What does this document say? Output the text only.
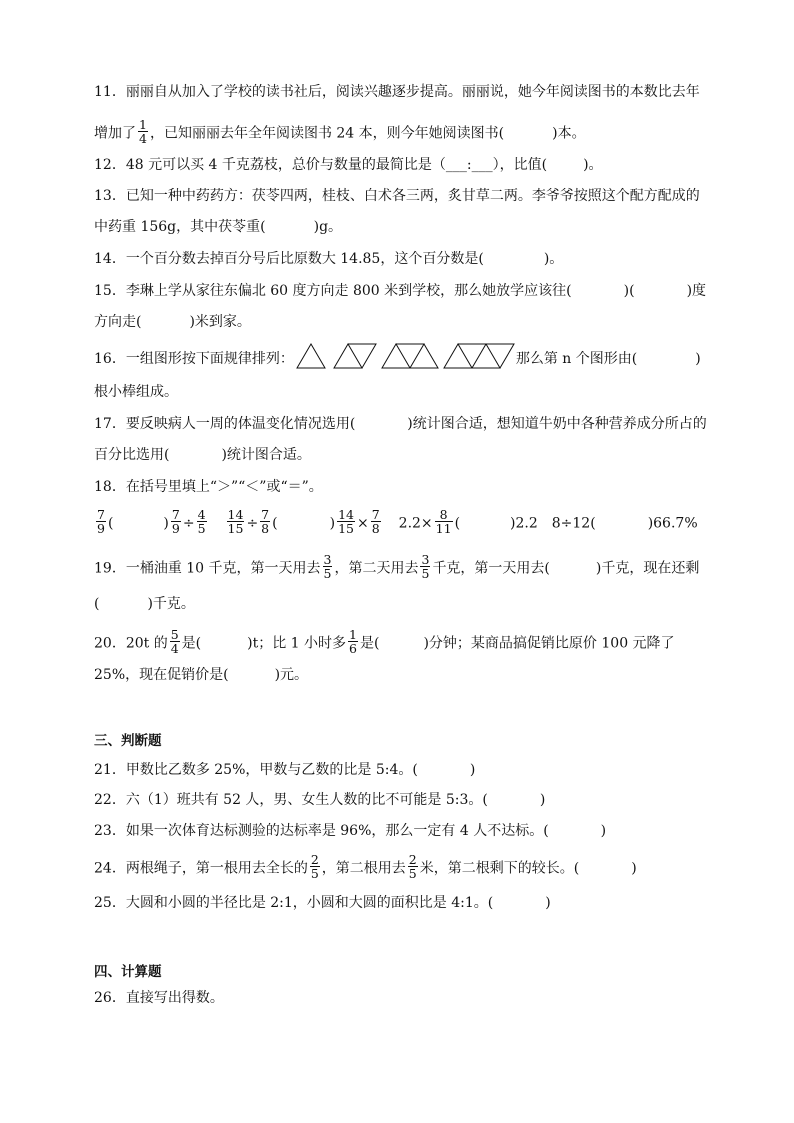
11．丽丽自从加入了学校的读书社后，阅读兴趣逐步提高。丽丽说，她今年阅读图书的本数比去年
增加了 $\frac{1}{4}$ ，已知丽丽去年全年阅读图书 24 本，则今年她阅读图书(	)本。
12．48 元可以买 4 千克荔枝，总价与数量的最简比是（___:___），比值(	)。
13．已知一种中药药方：茯苓四两，桂枝、白术各三两，炙甘草二两。李爷爷按照这个配方配成的
中药重 156g，其中茯苓重(	)g。
14．一个百分数去掉百分号后比原数大 14.85，这个百分数是(	)。
15．李琳上学从家往东偏北 60 度方向走 800 米到学校，那么她放学应该往(	)(	)度
方向走(	)米到家。
16．一组图形按下面规律排列：	那么第 n 个图形由(	)
根小棒组成。
17．要反映病人一周的体温变化情况选用(	)统计图合适，想知道牛奶中各种营养成分所占的
百分比选用(	)统计图合适。
18．在括号里填上“＞”“＜”或“＝”。
$\frac{7}{9}$ (	) $\frac{7}{9} \div \frac{4}{5} \frac{14}{15} \div \frac{7}{8}$ (	) $\frac{14}{15} \times \frac{7}{8} 2.2\times \frac{8}{11}$ (	)2.2 8÷12(	)66.7%
19．一桶油重 10 千克，第一天用去 $\frac{3}{5}$ ，第二天用去 $\frac{3}{5}$ 千克，第一天用去(	)千克，现在还剩
(	)千克。
20．20t 的 $\frac{5}{4}$ 是(	)t；比 1 小时多 $\frac{1}{6}$ 是(	)分钟；某商品搞促销比原价 100 元降了
25%，现在促销价是(	)元。
三、判断题
21．甲数比乙数多 25%，甲数与乙数的比是 5:4。(	)
22．六（1）班共有 52 人，男、女生人数的比不可能是 5:3。(	)
23．如果一次体育达标测验的达标率是 96%，那么一定有 4 人不达标。(	)
24．两根绳子，第一根用去全长的 $\frac{2}{5}$ ，第二根用去 $\frac{2}{5}$ 米，第二根剩下的较长。(	)
25．大圆和小圆的半径比是 2:1，小圆和大圆的面积比是 4:1。(	)
四、计算题
26．直接写出得数。
